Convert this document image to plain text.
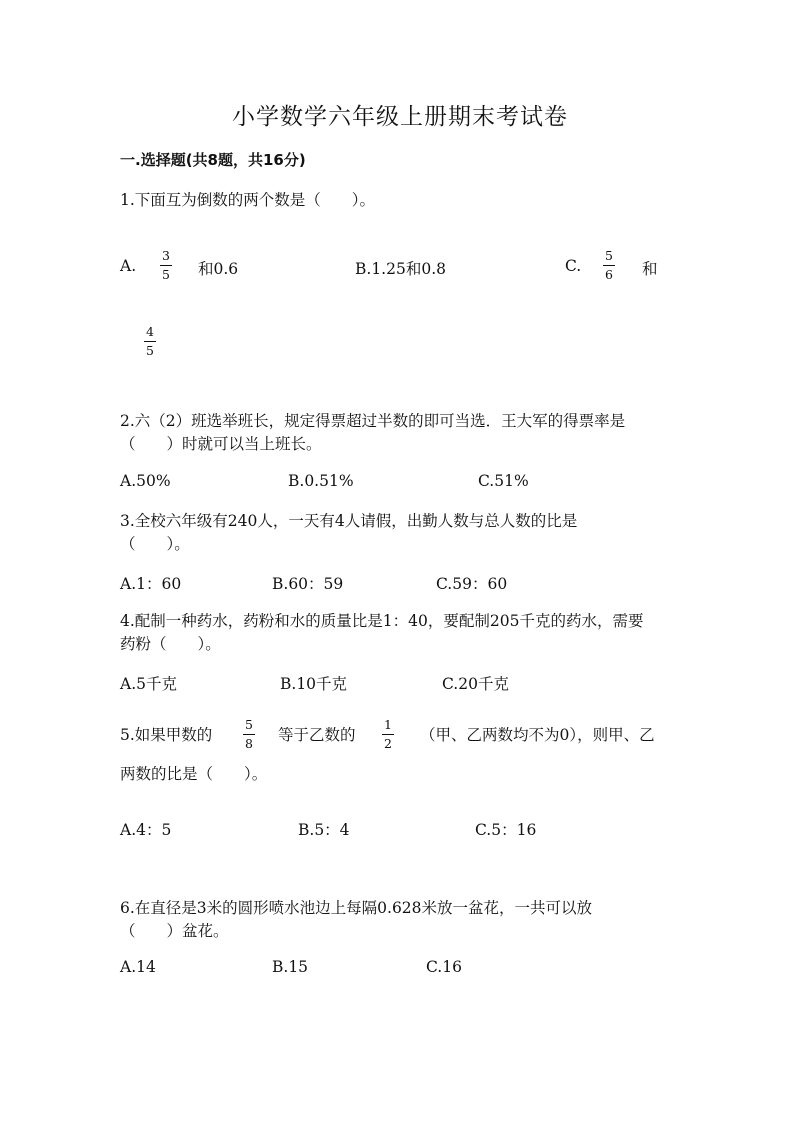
小学数学六年级上册期末考试卷
一.选择题(共8题，共16分)
1.下面互为倒数的两个数是（　　）。
A.
3
5 和0.6	B.1.25和0.8	C.
5
6 和
4
5
2.六（2）班选举班长，规定得票超过半数的即可当选．王大军的得票率是
（　　）时就可以当上班长。
A.50%	B.0.51%	C.51%
3.全校六年级有240人，一天有4人请假，出勤人数与总人数的比是
（　　）。
A.1：60	B.60：59	C.59：60
4.配制一种药水，药粉和水的质量比是1：40，要配制205千克的药水，需要
药粉（　　）。
A.5千克	B.10千克	C.20千克
5.如果甲数的
5
8 等于乙数的
1
2 （甲、乙两数均不为0），则甲、乙
两数的比是（　　）。
A.4：5	B.5：4	C.5：16
6.在直径是3米的圆形喷水池边上每隔0.628米放一盆花，一共可以放
（　　）盆花。
A.14	B.15	C.16
